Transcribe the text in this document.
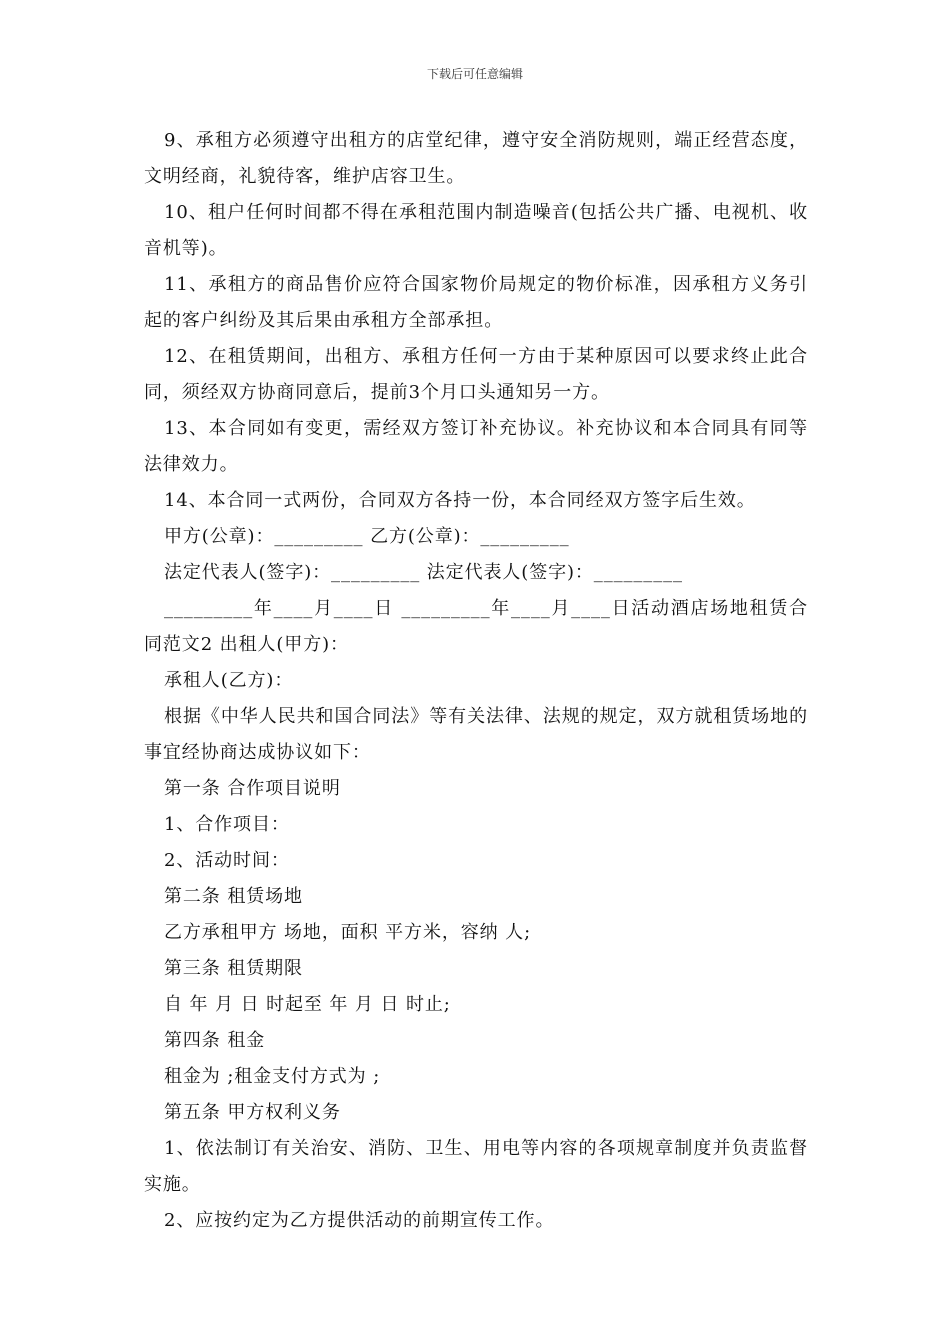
下载后可任意编辑

9、承租方必须遵守出租方的店堂纪律，遵守安全消防规则，端正经营态度，文明经商，礼貌待客，维护店容卫生。

10、租户任何时间都不得在承租范围内制造噪音(包括公共广播、电视机、收音机等)。

11、承租方的商品售价应符合国家物价局规定的物价标准，因承租方义务引起的客户纠纷及其后果由承租方全部承担。

12、在租赁期间，出租方、承租方任何一方由于某种原因可以要求终止此合同，须经双方协商同意后，提前3个月口头通知另一方。

13、本合同如有变更，需经双方签订补充协议。补充协议和本合同具有同等法律效力。

14、本合同一式两份，合同双方各持一份，本合同经双方签字后生效。

甲方(公章)：_________ 乙方(公章)：_________

法定代表人(签字)：_________ 法定代表人(签字)：_________

_________年____月____日 _________年____月____日活动酒店场地租赁合同范文2 出租人(甲方)：

承租人(乙方)：

根据《中华人民共和国合同法》等有关法律、法规的规定，双方就租赁场地的事宜经协商达成协议如下：

第一条 合作项目说明

1、合作项目：

2、活动时间：

第二条 租赁场地

乙方承租甲方 场地，面积 平方米，容纳 人;

第三条 租赁期限

自 年 月 日 时起至 年 月 日 时止;

第四条 租金

租金为 ;租金支付方式为 ;

第五条 甲方权利义务

1、依法制订有关治安、消防、卫生、用电等内容的各项规章制度并负责监督实施。

2、应按约定为乙方提供活动的前期宣传工作。
